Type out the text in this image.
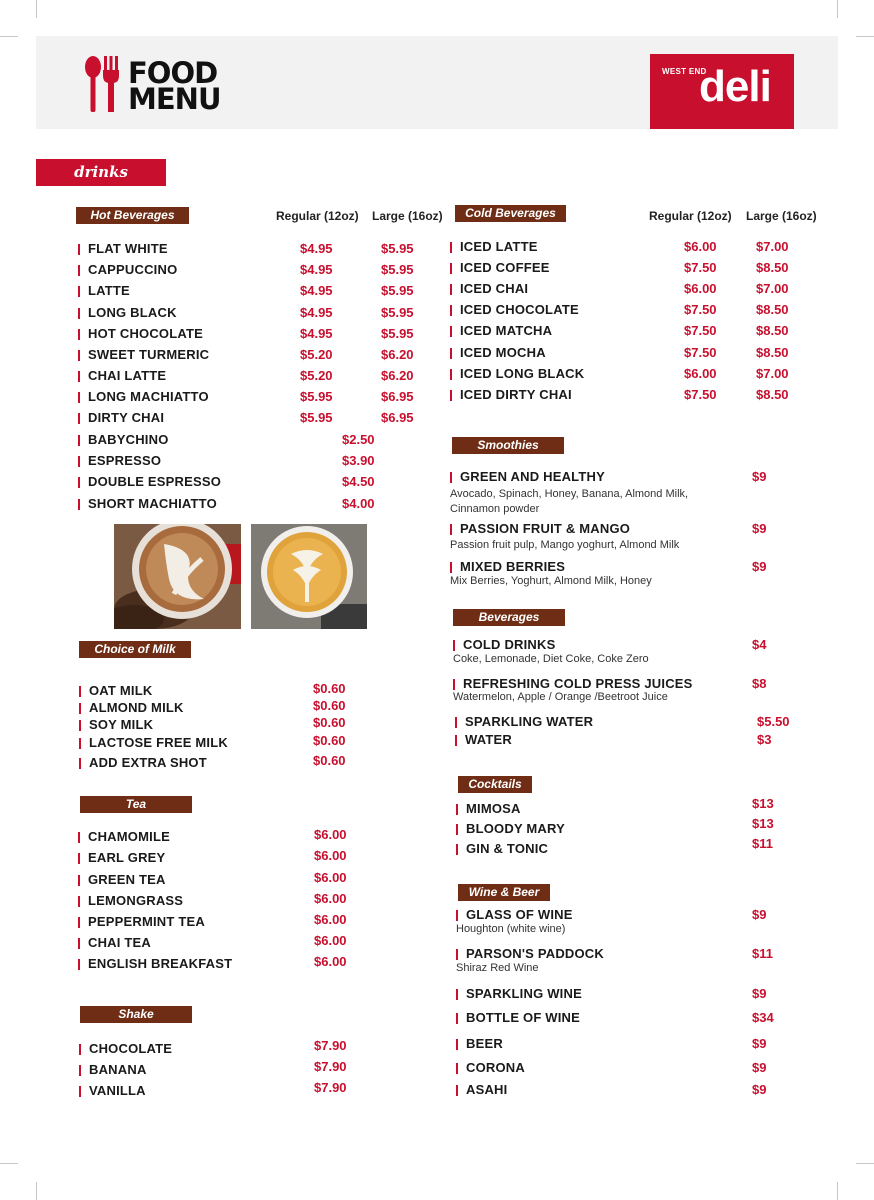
FOOD
MENU
WEST END
deli
drinks
Hot Beverages	Regular (12oz) Large (16oz)
FLAT WHITE	$4.95	$5.95
CAPPUCCINO	$4.95	$5.95
LATTE	$4.95	$5.95
LONG BLACK	$4.95	$5.95
HOT CHOCOLATE	$4.95	$5.95
SWEET TURMERIC	$5.20	$6.20
CHAI LATTE	$5.20	$6.20
LONG MACHIATTO	$5.95	$6.95
DIRTY CHAI	$5.95	$6.95
BABYCHINO	$2.50
ESPRESSO	$3.90
DOUBLE ESPRESSO	$4.50
SHORT MACHIATTO	$4.00
Choice of Milk
OAT MILK	$0.60
ALMOND MILK	$0.60
SOY MILK	$0.60
LACTOSE FREE MILK	$0.60
ADD EXTRA SHOT	$0.60
Tea
CHAMOMILE	$6.00
EARL GREY	$6.00
GREEN TEA	$6.00
LEMONGRASS	$6.00
PEPPERMINT TEA	$6.00
CHAI TEA	$6.00
ENGLISH BREAKFAST	$6.00
Shake
CHOCOLATE	$7.90
BANANA	$7.90
VANILLA	$7.90
Cold Beverages	Regular (12oz) Large (16oz)
ICED LATTE	$6.00	$7.00
ICED COFFEE	$7.50	$8.50
ICED CHAI	$6.00	$7.00
ICED CHOCOLATE	$7.50	$8.50
ICED MATCHA	$7.50	$8.50
ICED MOCHA	$7.50	$8.50
ICED LONG BLACK	$6.00	$7.00
ICED DIRTY CHAI	$7.50	$8.50
Smoothies
GREEN AND HEALTHY	$9
Avocado, Spinach, Honey, Banana, Almond Milk,
Cinnamon powder
PASSION FRUIT & MANGO	$9
Passion fruit pulp, Mango yoghurt, Almond Milk
MIXED BERRIES	$9
Mix Berries, Yoghurt, Almond Milk, Honey
Beverages
COLD DRINKS	$4
Coke, Lemonade, Diet Coke, Coke Zero
REFRESHING COLD PRESS JUICES	$8
Watermelon, Apple / Orange /Beetroot Juice
SPARKLING WATER	$5.50
WATER	$3
Cocktails
MIMOSA	$13
BLOODY MARY	$13
GIN & TONIC	$11
Wine & Beer
GLASS OF WINE	$9
Houghton (white wine)
PARSON'S PADDOCK	$11
Shiraz Red Wine
SPARKLING WINE	$9
BOTTLE OF WINE	$34
BEER	$9
CORONA	$9
ASAHI	$9
